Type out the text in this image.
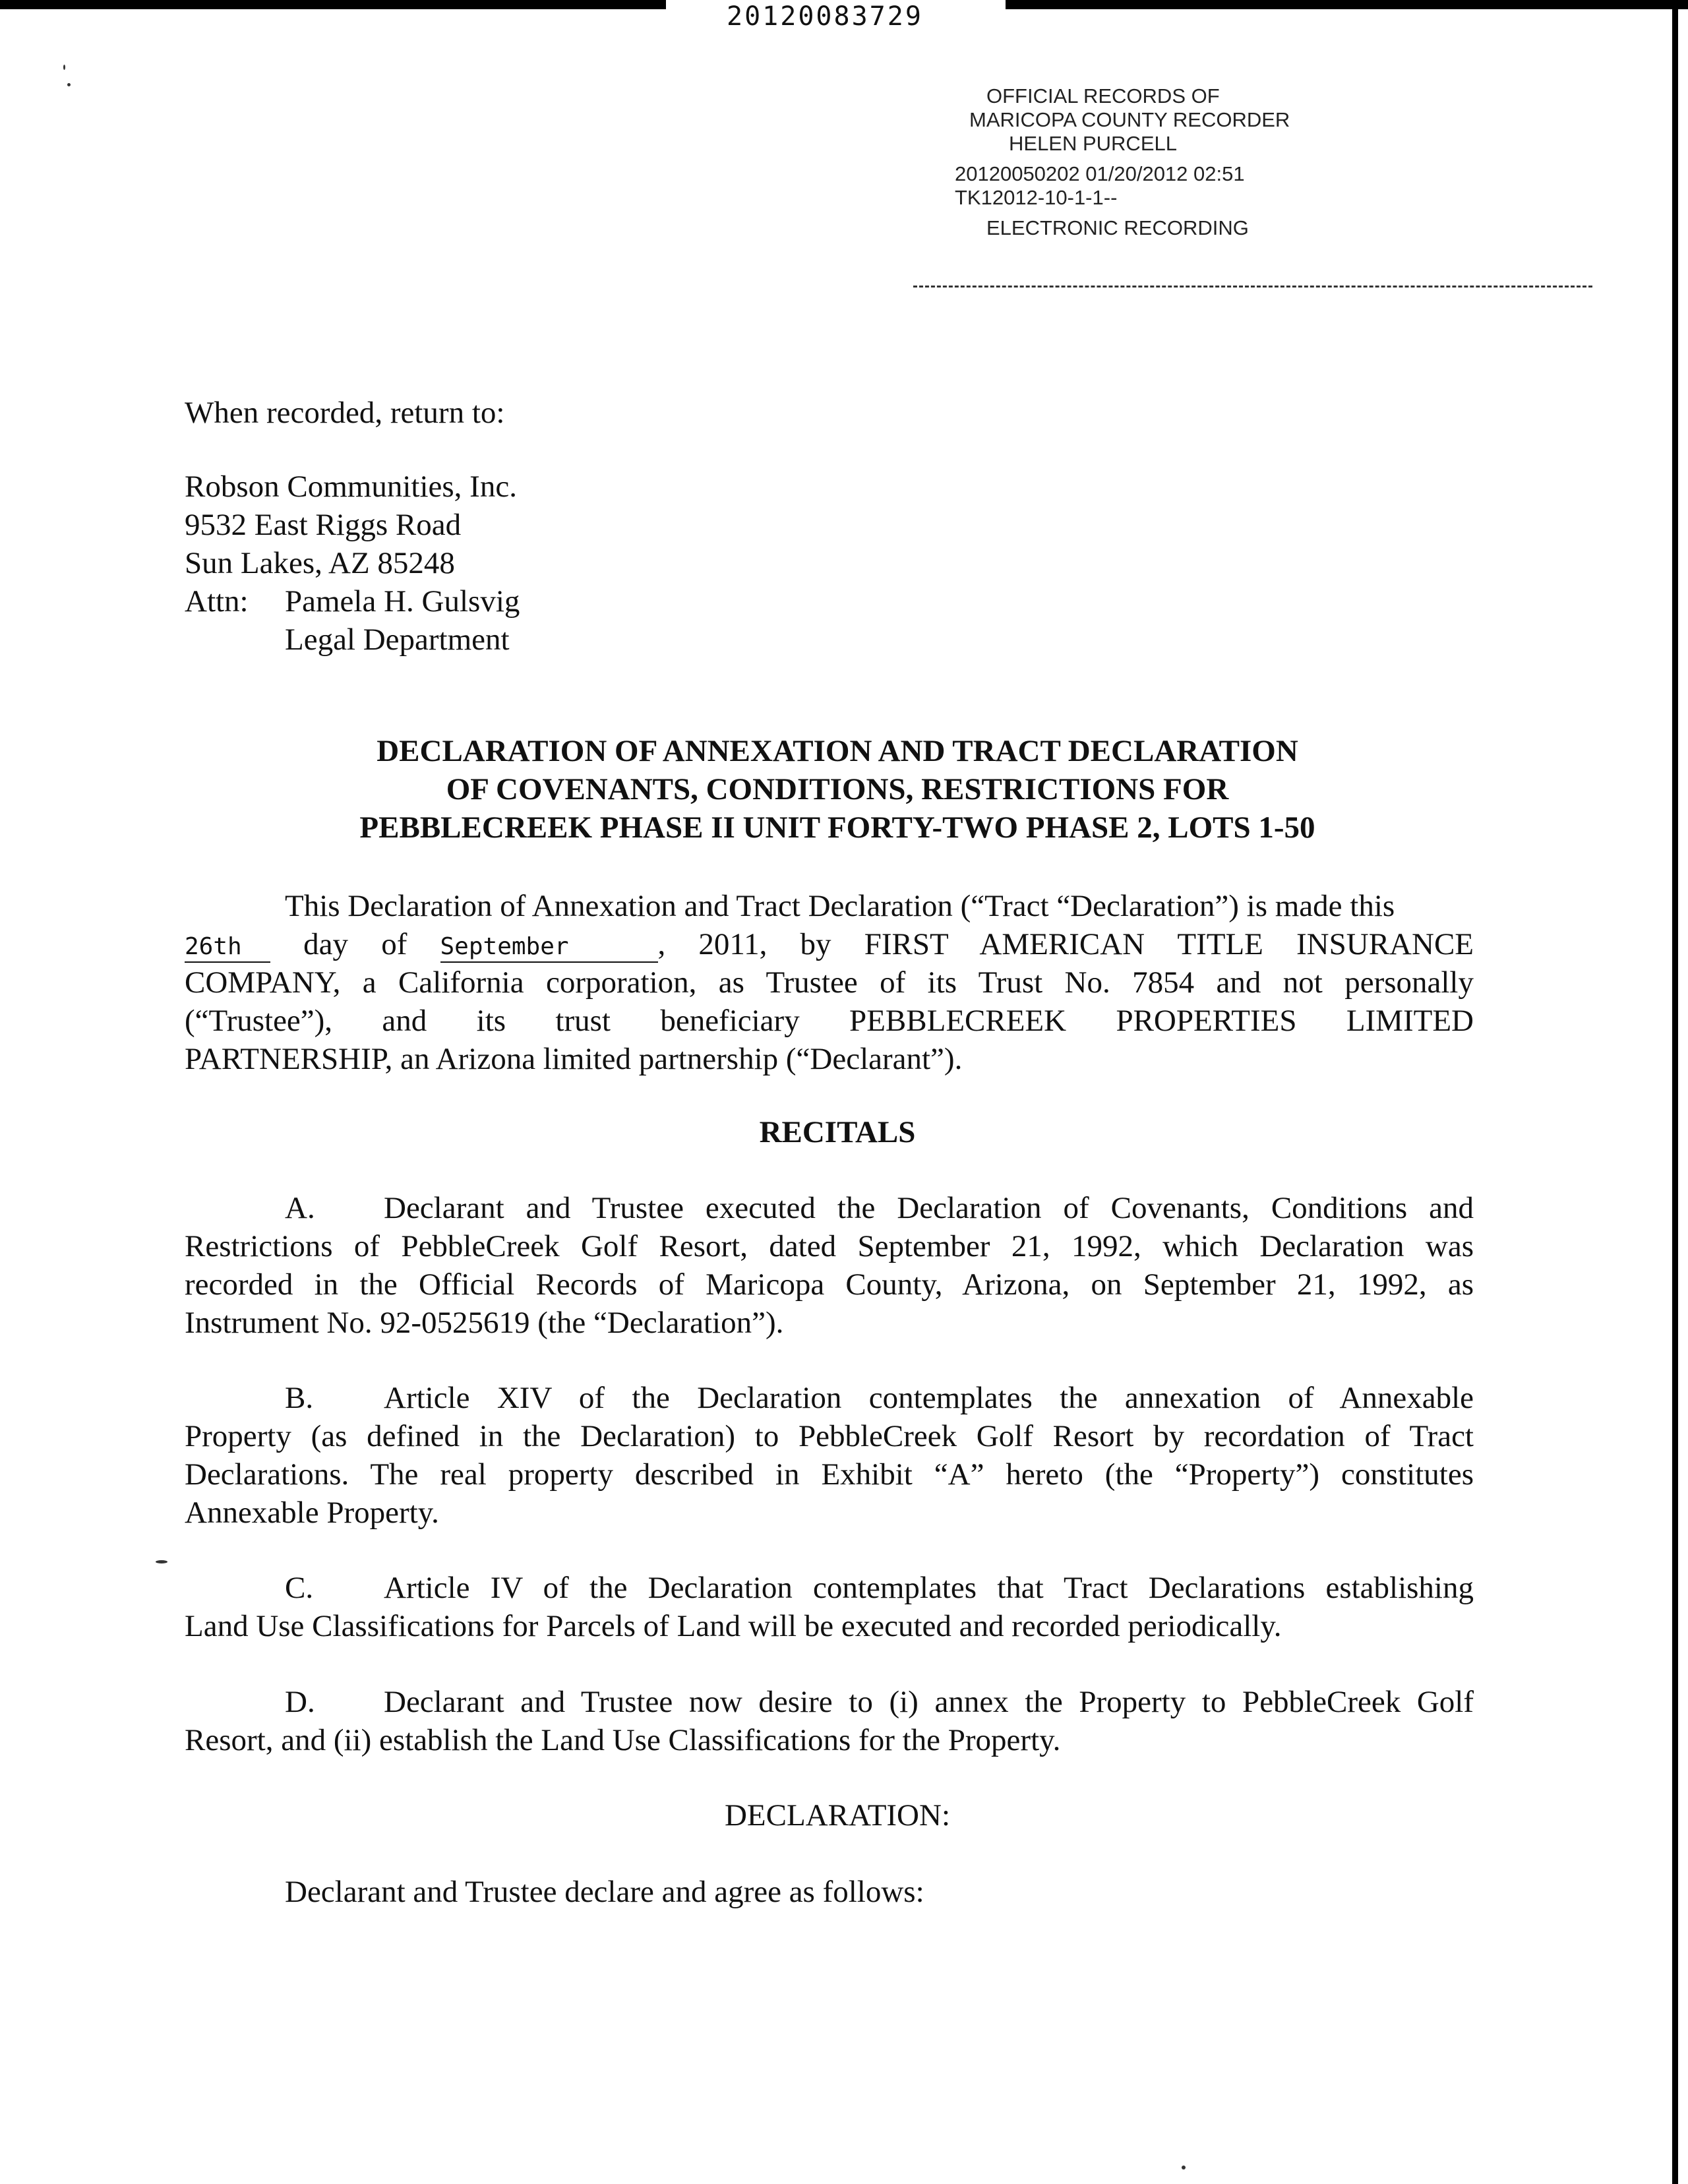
20120083729
OFFICIAL RECORDS OF
MARICOPA COUNTY RECORDER
HELEN PURCELL
20120050202 01/20/2012 02:51
TK12012-10-1-1--
ELECTRONIC RECORDING
When recorded, return to:
Robson Communities, Inc.
9532 East Riggs Road
Sun Lakes, AZ 85248
Attn: Pamela H. Gulsvig
Legal Department
DECLARATION OF ANNEXATION AND TRACT DECLARATION
OF COVENANTS, CONDITIONS, RESTRICTIONS FOR
PEBBLECREEK PHASE II UNIT FORTY-TWO PHASE 2, LOTS 1-50
This Declaration of Annexation and Tract Declaration (“Tract “Declaration”) is made this
26th day of September	, 2011, by FIRST AMERICAN TITLE INSURANCE
COMPANY, a California corporation, as Trustee of its Trust No. 7854 and not personally
(“Trustee”), and its trust beneficiary PEBBLECREEK PROPERTIES LIMITED
PARTNERSHIP, an Arizona limited partnership (“Declarant”).
RECITALS
A. Declarant and Trustee executed the Declaration of Covenants, Conditions and
Restrictions of PebbleCreek Golf Resort, dated September 21, 1992, which Declaration was
recorded in the Official Records of Maricopa County, Arizona, on September 21, 1992, as
Instrument No. 92-0525619 (the “Declaration”).
B. Article XIV of the Declaration contemplates the annexation of Annexable
Property (as defined in the Declaration) to PebbleCreek Golf Resort by recordation of Tract
Declarations. The real property described in Exhibit “A” hereto (the “Property”) constitutes
Annexable Property.
C. Article IV of the Declaration contemplates that Tract Declarations establishing
Land Use Classifications for Parcels of Land will be executed and recorded periodically.
D. Declarant and Trustee now desire to (i) annex the Property to PebbleCreek Golf
Resort, and (ii) establish the Land Use Classifications for the Property.
DECLARATION:
Declarant and Trustee declare and agree as follows:
